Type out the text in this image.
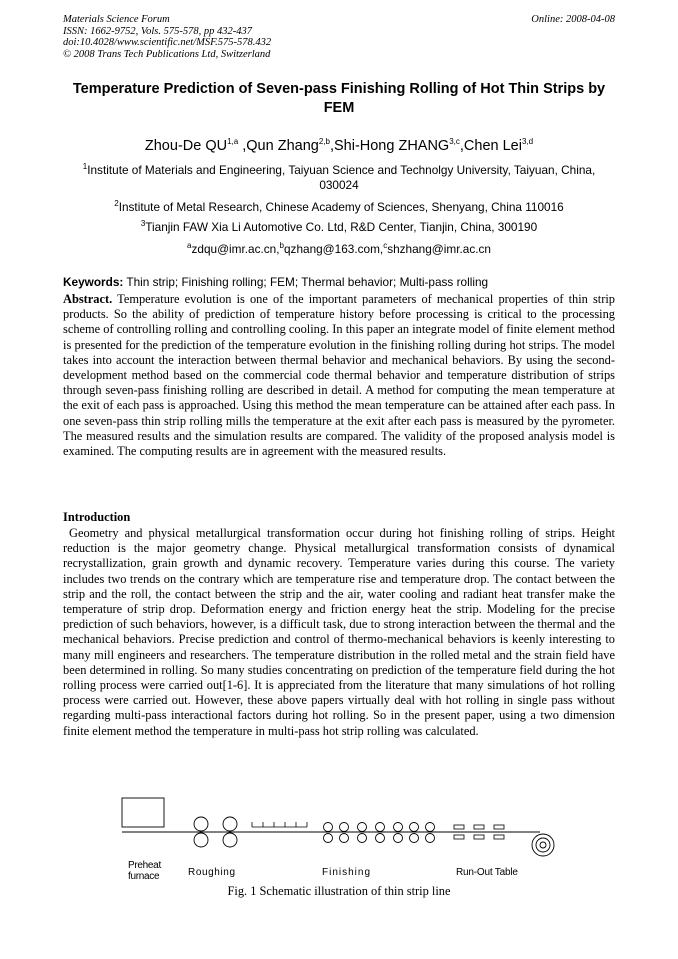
Materials Science Forum
ISSN: 1662-9752, Vols. 575-578, pp 432-437
doi:10.4028/www.scientific.net/MSF.575-578.432
© 2008 Trans Tech Publications Ltd, Switzerland
Online: 2008-04-08
Temperature Prediction of Seven-pass Finishing Rolling of Hot Thin Strips by FEM
Zhou-De QU$^{1,a}$ ,Qun Zhang$^{2,b}$,Shi-Hong ZHANG$^{3,c}$,Chen Lei$^{3,d}$
$^1$Institute of Materials and Engineering, Taiyuan Science and Technolgy University, Taiyuan, China, 030024
$^2$Institute of Metal Research, Chinese Academy of Sciences, Shenyang, China 110016
$^3$Tianjin FAW Xia Li Automotive Co. Ltd, R&D Center, Tianjin, China, 300190
$^a$zdqu@imr.ac.cn,$^b$qzhang@163.com,$^c$shzhang@imr.ac.cn
Keywords: Thin strip; Finishing rolling; FEM; Thermal behavior; Multi-pass rolling
Abstract. Temperature evolution is one of the important parameters of mechanical properties of thin strip products. So the ability of prediction of temperature history before processing is critical to the processing scheme of controlling rolling and controlling cooling. In this paper an integrate model of finite element method is presented for the prediction of the temperature evolution in the finishing rolling during hot strips. The model takes into account the interaction between thermal behavior and mechanical behaviors. By using the second-development method based on the commercial code thermal behavior and temperature distribution of strips through seven-pass finishing rolling are described in detail. A method for computing the mean temperature at the exit of each pass is approached. Using this method the mean temperature can be attained after each pass. In one seven-pass thin strip rolling mills the temperature at the exit after each pass is measured by the pyrometer. The measured results and the simulation results are compared. The validity of the proposed analysis model is examined. The computing results are in agreement with the measured results.
Introduction
Geometry and physical metallurgical transformation occur during hot finishing rolling of strips. Height reduction is the major geometry change. Physical metallurgical transformation consists of dynamical recrystallization, grain growth and dynamic recovery. Temperature varies during this course. The variety includes two trends on the contrary which are temperature rise and temperature drop. The contact between the strip and the roll, the contact between the strip and the air, water cooling and radiant heat transfer make the temperature of strip drop. Deformation energy and friction energy heat the strip. Modeling for the precise prediction of such behaviors, however, is a difficult task, due to strong interaction between the thermal and the mechanical behaviors. Precise prediction and control of thermo-mechanical behaviors is keenly interesting to many mill engineers and researchers. The temperature distribution in the rolled metal and the strain field have been determined in rolling. So many studies concentrating on prediction of the temperature field during the hot rolling process were carried out[1-6]. It is appreciated from the literature that many simulations of hot rolling process were carried out. However, these above papers virtually deal with hot rolling in single pass without regarding multi-pass interactional factors during hot rolling. So in the present paper, using a two dimension finite element method the temperature in multi-pass hot strip rolling was calculated.
Preheat
furnace	Roughing	Finishing	Run-Out Table
Fig. 1 Schematic illustration of thin strip line
